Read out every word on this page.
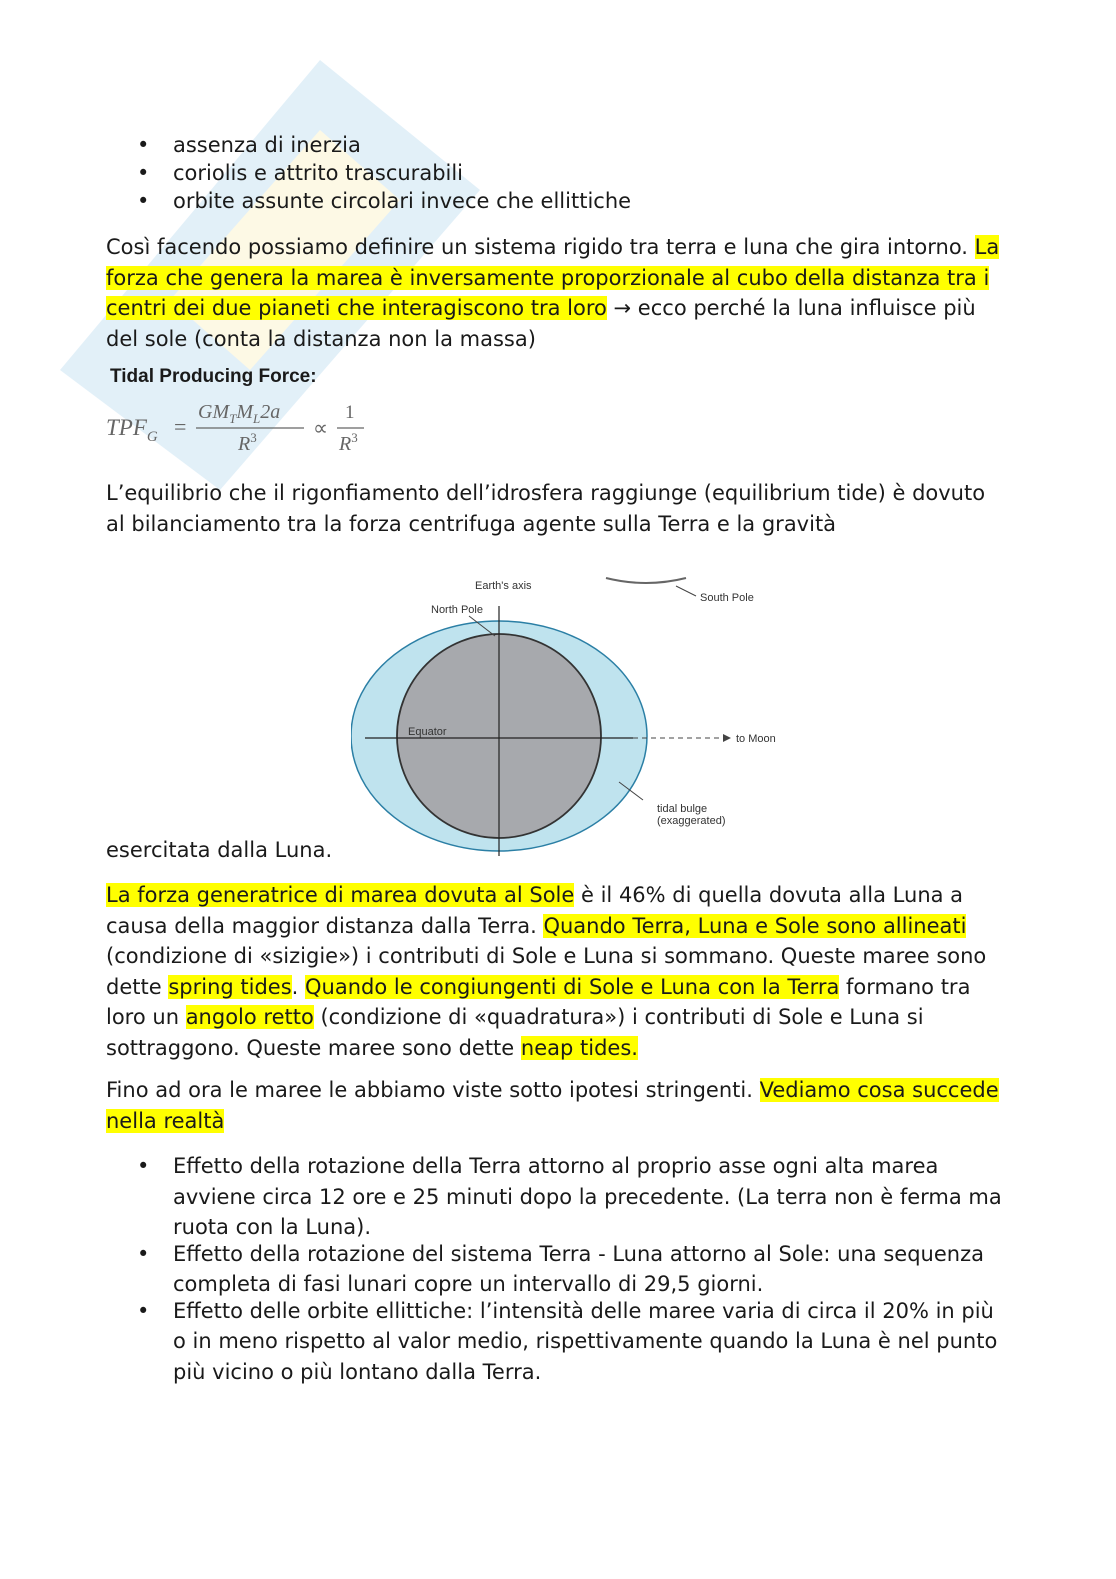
• assenza di inerzia
• coriolis e attrito trascurabili
• orbite assunte circolari invece che ellittiche

Così facendo possiamo definire un sistema rigido tra terra e luna che gira intorno. La forza che genera la marea è inversamente proporzionale al cubo della distanza tra i centri dei due pianeti che interagiscono tra loro → ecco perché la luna influisce più del sole (conta la distanza non la massa)

Tidal Producing Force:
$TPF_G$ =
$GM_TM_L2a$
$R^3$	∝
1
$R^3$

L’equilibrio che il rigonfiamento dell’idrosfera raggiunge (equilibrium tide) è dovuto al bilanciamento tra la forza centrifuga agente sulla Terra e la gravità

Earth's axis
North Pole
South Pole
Equator
to Moon
tidal bulge
(exaggerated)

esercitata dalla Luna.

La forza generatrice di marea dovuta al Sole è il 46% di quella dovuta alla Luna a causa della maggior distanza dalla Terra. Quando Terra, Luna e Sole sono allineati (condizione di «sizigie») i contributi di Sole e Luna si sommano. Queste maree sono dette spring tides. Quando le congiungenti di Sole e Luna con la Terra formano tra loro un angolo retto (condizione di «quadratura») i contributi di Sole e Luna si sottraggono. Queste maree sono dette neap tides.

Fino ad ora le maree le abbiamo viste sotto ipotesi stringenti. Vediamo cosa succede nella realtà

• Effetto della rotazione della Terra attorno al proprio asse ogni alta marea avviene circa 12 ore e 25 minuti dopo la precedente. (La terra non è ferma ma ruota con la Luna).
• Effetto della rotazione del sistema Terra - Luna attorno al Sole: una sequenza completa di fasi lunari copre un intervallo di 29,5 giorni.
• Effetto delle orbite ellittiche: l’intensità delle maree varia di circa il 20% in più o in meno rispetto al valor medio, rispettivamente quando la Luna è nel punto più vicino o più lontano dalla Terra.
